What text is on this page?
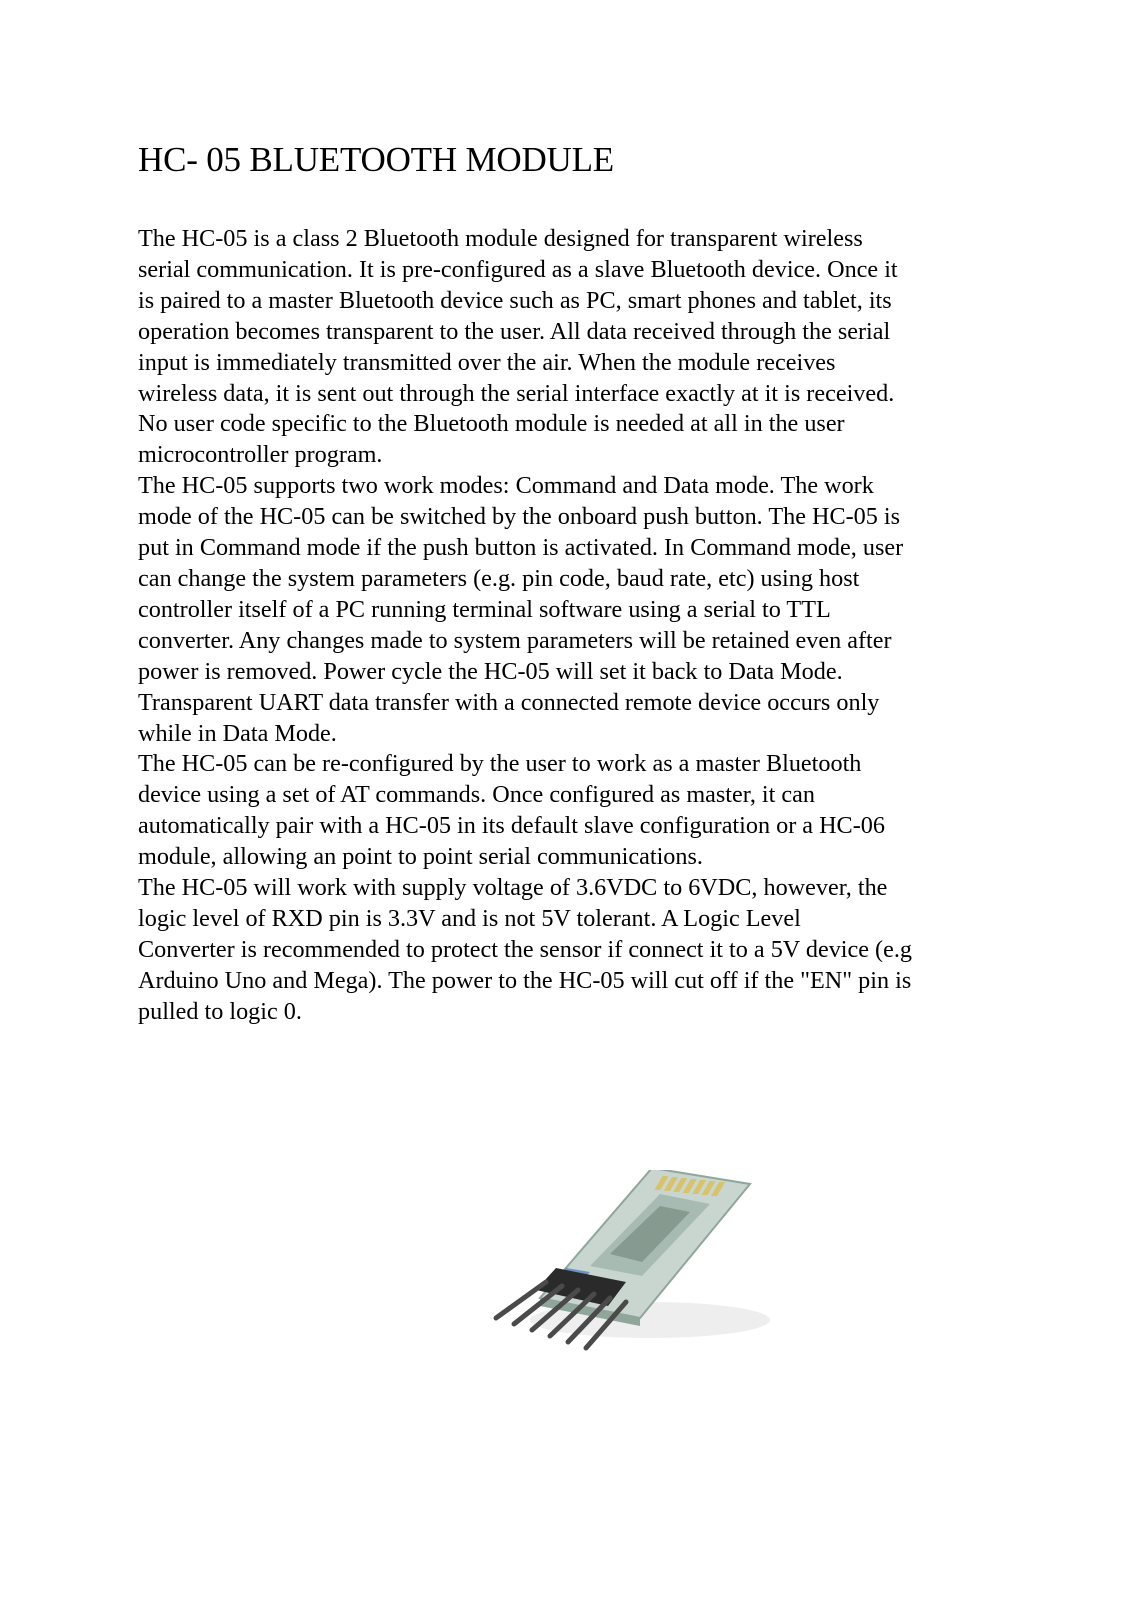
HC- 05 BLUETOOTH MODULE

The HC-05 is a class 2 Bluetooth module designed for transparent wireless
serial communication. It is pre-configured as a slave Bluetooth device. Once it
is paired to a master Bluetooth device such as PC, smart phones and tablet, its
operation becomes transparent to the user. All data received through the serial
input is immediately transmitted over the air. When the module receives
wireless data, it is sent out through the serial interface exactly at it is received.
No user code specific to the Bluetooth module is needed at all in the user
microcontroller program.

The HC-05 supports two work modes: Command and Data mode. The work
mode of the HC-05 can be switched by the onboard push button. The HC-05 is
put in Command mode if the push button is activated. In Command mode, user
can change the system parameters (e.g. pin code, baud rate, etc) using host
controller itself of a PC running terminal software using a serial to TTL
converter. Any changes made to system parameters will be retained even after
power is removed. Power cycle the HC-05 will set it back to Data Mode.
Transparent UART data transfer with a connected remote device occurs only
while in Data Mode.

The HC-05 can be re-configured by the user to work as a master Bluetooth
device using a set of AT commands. Once configured as master, it can
automatically pair with a HC-05 in its default slave configuration or a HC-06
module, allowing an point to point serial communications.

The HC-05 will work with supply voltage of 3.6VDC to 6VDC, however, the
logic level of RXD pin is 3.3V and is not 5V tolerant. A Logic Level
Converter is recommended to protect the sensor if connect it to a 5V device (e.g
Arduino Uno and Mega). The power to the HC-05 will cut off if the "EN" pin is
pulled to logic 0.
